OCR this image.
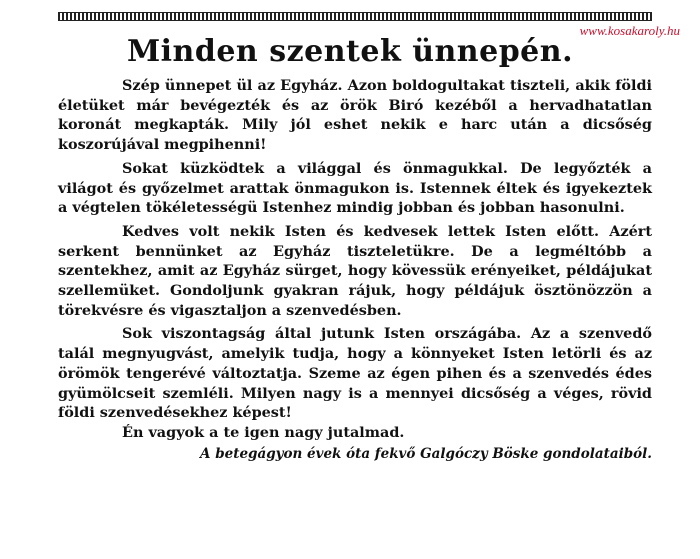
www.kosakaroly.hu
Minden szentek ünnepén.

Szép ünnepet ül az Egyház. Azon boldogultakat tiszteli, akik földi életüket már bevégezték és az örök Biró kezéből a hervadhatatlan koronát megkapták. Mily jól eshet nekik e harc után a dicsőség koszorújával megpihenni!

Sokat küzködtek a világgal és önmagukkal. De legyőzték a világot és győzelmet arattak önmagukon is. Istennek éltek és igyekeztek a végtelen tökéletességü Istenhez mindig jobban és jobban hasonulni.

Kedves volt nekik Isten és kedvesek lettek Isten előtt. Azért serkent bennünket az Egyház tiszteletükre. De a legméltóbb a szentekhez, amit az Egyház sürget, hogy kövessük erényeiket, példájukat szellemüket. Gondoljunk gyakran rájuk, hogy példájuk ösztönözzön a törekvésre és vigasztaljon a szenvedésben.

Sok viszontagság által jutunk Isten országába. Az a szenvedő talál megnyugvást, amelyik tudja, hogy a könnyeket Isten letörli és az örömök tengerévé változtatja. Szeme az égen pihen és a szenvedés édes gyümölcseit szemléli. Milyen nagy is a mennyei dicsőség a véges, rövid földi szenvedésekhez képest!

Én vagyok a te igen nagy jutalmad.

A betegágyon évek óta fekvő Galgóczy Böske gondolataiból.
